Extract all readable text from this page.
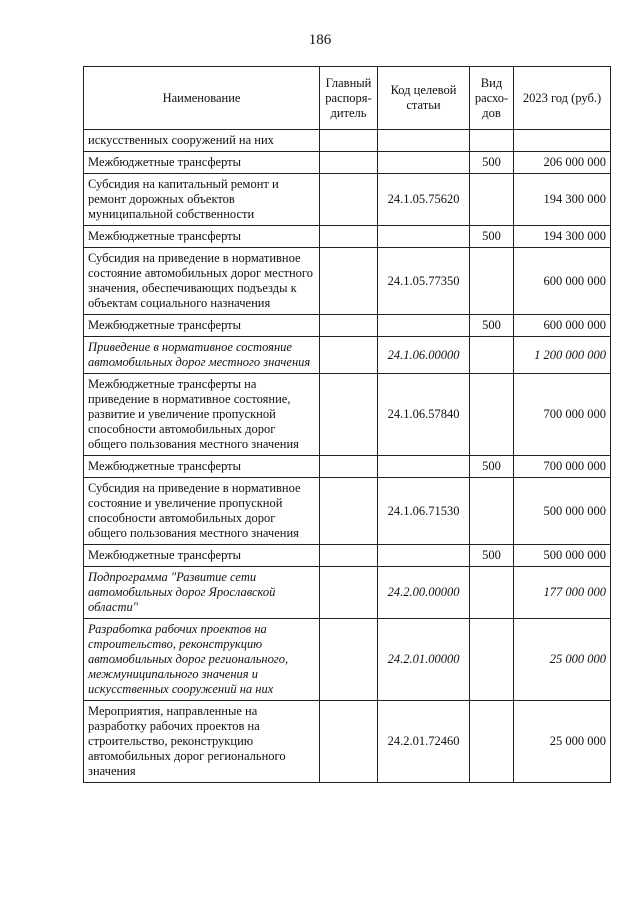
186
Наименование	Главный распоря-дитель	Код целевой статьи	Вид расхо-дов	2023 год (руб.)
искусственных сооружений на них				
Межбюджетные трансферты			500	206 000 000
Субсидия на капитальный ремонт и ремонт дорожных объектов муниципальной собственности		24.1.05.75620		194 300 000
Межбюджетные трансферты			500	194 300 000
Субсидия на приведение в нормативное состояние автомобильных дорог местного значения, обеспечивающих подъезды к объектам социального назначения		24.1.05.77350		600 000 000
Межбюджетные трансферты			500	600 000 000
Приведение в нормативное состояние автомобильных дорог местного значения		24.1.06.00000		1 200 000 000
Межбюджетные трансферты на приведение в нормативное состояние, развитие и увеличение пропускной способности автомобильных дорог общего пользования местного значения		24.1.06.57840		700 000 000
Межбюджетные трансферты			500	700 000 000
Субсидия на приведение в нормативное состояние и увеличение пропускной способности автомобильных дорог общего пользования местного значения		24.1.06.71530		500 000 000
Межбюджетные трансферты			500	500 000 000
Подпрограмма "Развитие сети автомобильных дорог Ярославской области"		24.2.00.00000		177 000 000
Разработка рабочих проектов на строительство, реконструкцию автомобильных дорог регионального, межмуниципального значения и искусственных сооружений на них		24.2.01.00000		25 000 000
Мероприятия, направленные на разработку рабочих проектов на строительство, реконструкцию автомобильных дорог регионального значения		24.2.01.72460		25 000 000
